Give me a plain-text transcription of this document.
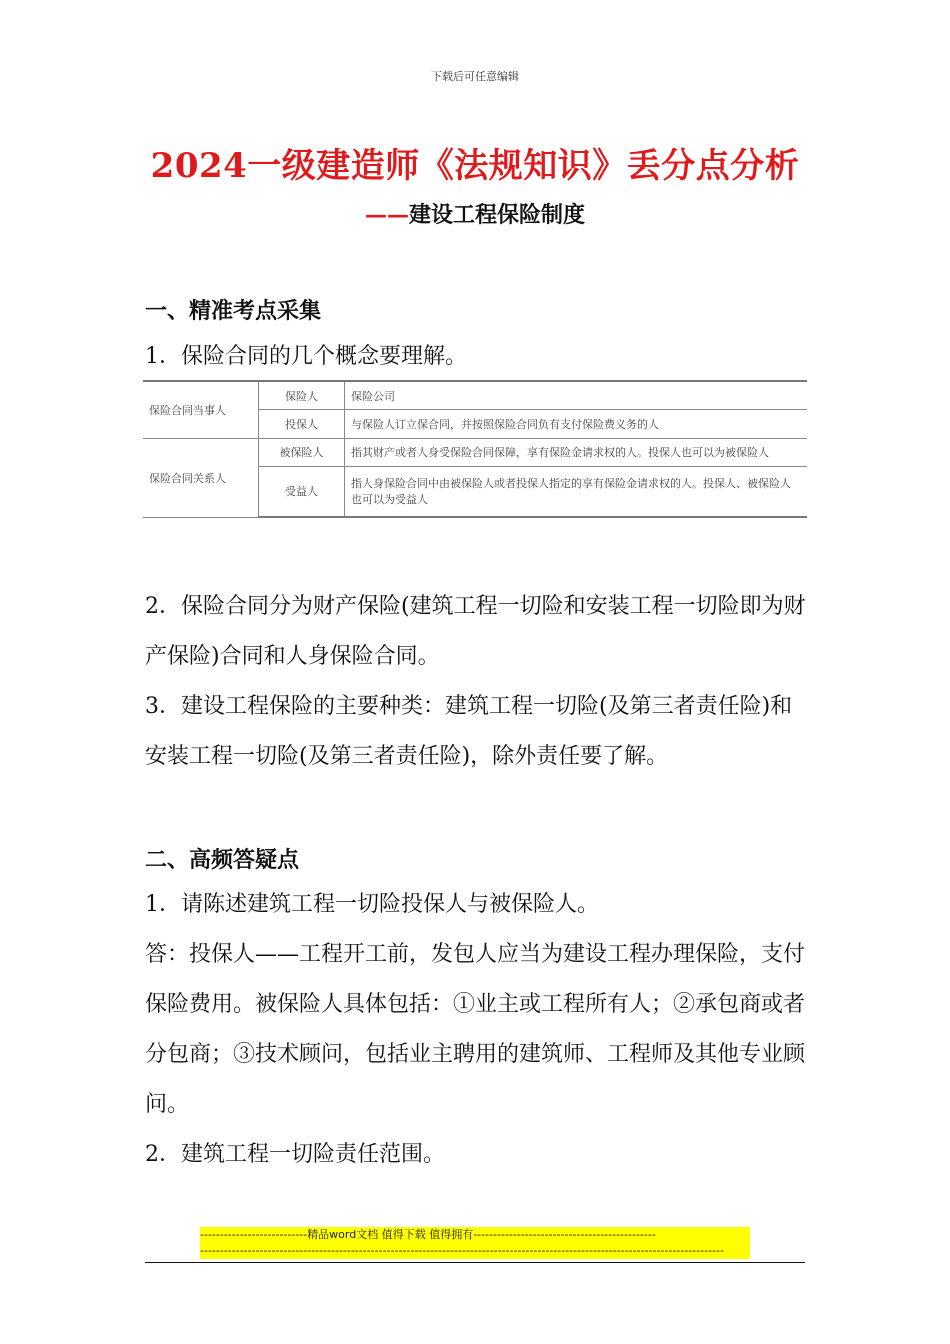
下载后可任意编辑
2024一级建造师《法规知识》丢分点分析
——建设工程保险制度
一、精准考点采集
1．保险合同的几个概念要理解。
保险合同当事人	保险人	保险公司
	投保人	与保险人订立保合同，并按照保险合同负有支付保险费义务的人
保险合同关系人	被保险人	指其财产或者人身受保险合同保障，享有保险金请求权的人。投保人也可以为被保险人
	受益人	指人身保险合同中由被保险人或者投保人指定的享有保险金请求权的人。投保人、被保险人也可以为受益人
2．保险合同分为财产保险(建筑工程一切险和安装工程一切险即为财产保险)合同和人身保险合同。
3．建设工程保险的主要种类：建筑工程一切险(及第三者责任险)和安装工程一切险(及第三者责任险)，除外责任要了解。
二、高频答疑点
1．请陈述建筑工程一切险投保人与被保险人。
答：投保人——工程开工前，发包人应当为建设工程办理保险，支付保险费用。被保险人具体包括：①业主或工程所有人；②承包商或者分包商；③技术顾问，包括业主聘用的建筑师、工程师及其他专业顾问。
2．建筑工程一切险责任范围。
---------------------------精品word文档 值得下载 值得拥有----------------------------------------------
------------------------------------------------------------------------------------------------------------------------------------
